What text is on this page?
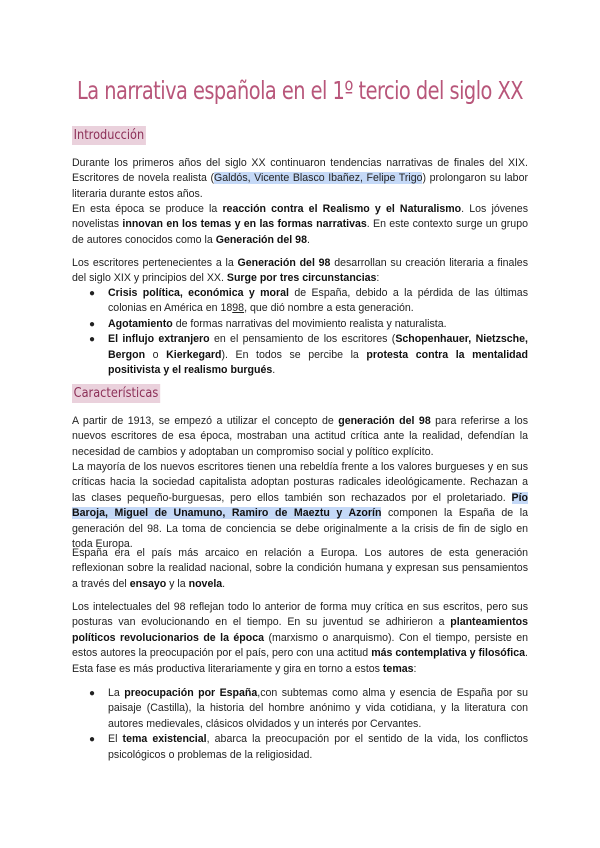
La narrativa española en el 1º tercio del siglo XX
Introducción

Durante los primeros años del siglo XX continuaron tendencias narrativas de finales del XIX. Escritores de novela realista (Galdós, Vicente Blasco Ibañez, Felipe Trigo) prolongaron su labor literaria durante estos años.

En esta época se produce la reacción contra el Realismo y el Naturalismo. Los jóvenes novelistas innovan en los temas y en las formas narrativas. En este contexto surge un grupo de autores conocidos como la Generación del 98.

Los escritores pertenecientes a la Generación del 98 desarrollan su creación literaria a finales del siglo XIX y principios del XX. Surge por tres circunstancias:

● Crisis política, económica y moral de España, debido a la pérdida de las últimas colonias en América en 1898, que dió nombre a esta generación.
● Agotamiento de formas narrativas del movimiento realista y naturalista.
● El influjo extranjero en el pensamiento de los escritores (Schopenhauer, Nietzsche, Bergon o Kierkegard). En todos se percibe la protesta contra la mentalidad positivista y el realismo burgués.
Características

A partir de 1913, se empezó a utilizar el concepto de generación del 98 para referirse a los nuevos escritores de esa época, mostraban una actitud crítica ante la realidad, defendían la necesidad de cambios y adoptaban un compromiso social y político explícito.

La mayoría de los nuevos escritores tienen una rebeldía frente a los valores burgueses y en sus críticas hacia la sociedad capitalista adoptan posturas radicales ideológicamente. Rechazan a las clases pequeño-burguesas, pero ellos también son rechazados por el proletariado. Pío Baroja, Miguel de Unamuno, Ramiro de Maeztu y Azorín componen la España de la generación del 98. La toma de conciencia se debe originalmente a la crisis de fin de siglo en toda Europa.

España era el país más arcaico en relación a Europa. Los autores de esta generación reflexionan sobre la realidad nacional, sobre la condición humana y expresan sus pensamientos a través del ensayo y la novela.

Los intelectuales del 98 reflejan todo lo anterior de forma muy crítica en sus escritos, pero sus posturas van evolucionando en el tiempo. En su juventud se adhirieron a planteamientos políticos revolucionarios de la época (marxismo o anarquismo). Con el tiempo, persiste en estos autores la preocupación por el país, pero con una actitud más contemplativa y filosófica. Esta fase es más productiva literariamente y gira en torno a estos temas:

● La preocupación por España,con subtemas como alma y esencia de España por su paisaje (Castilla), la historia del hombre anónimo y vida cotidiana, y la literatura con autores medievales, clásicos olvidados y un interés por Cervantes.
● El tema existencial, abarca la preocupación por el sentido de la vida, los conflictos psicológicos o problemas de la religiosidad.
